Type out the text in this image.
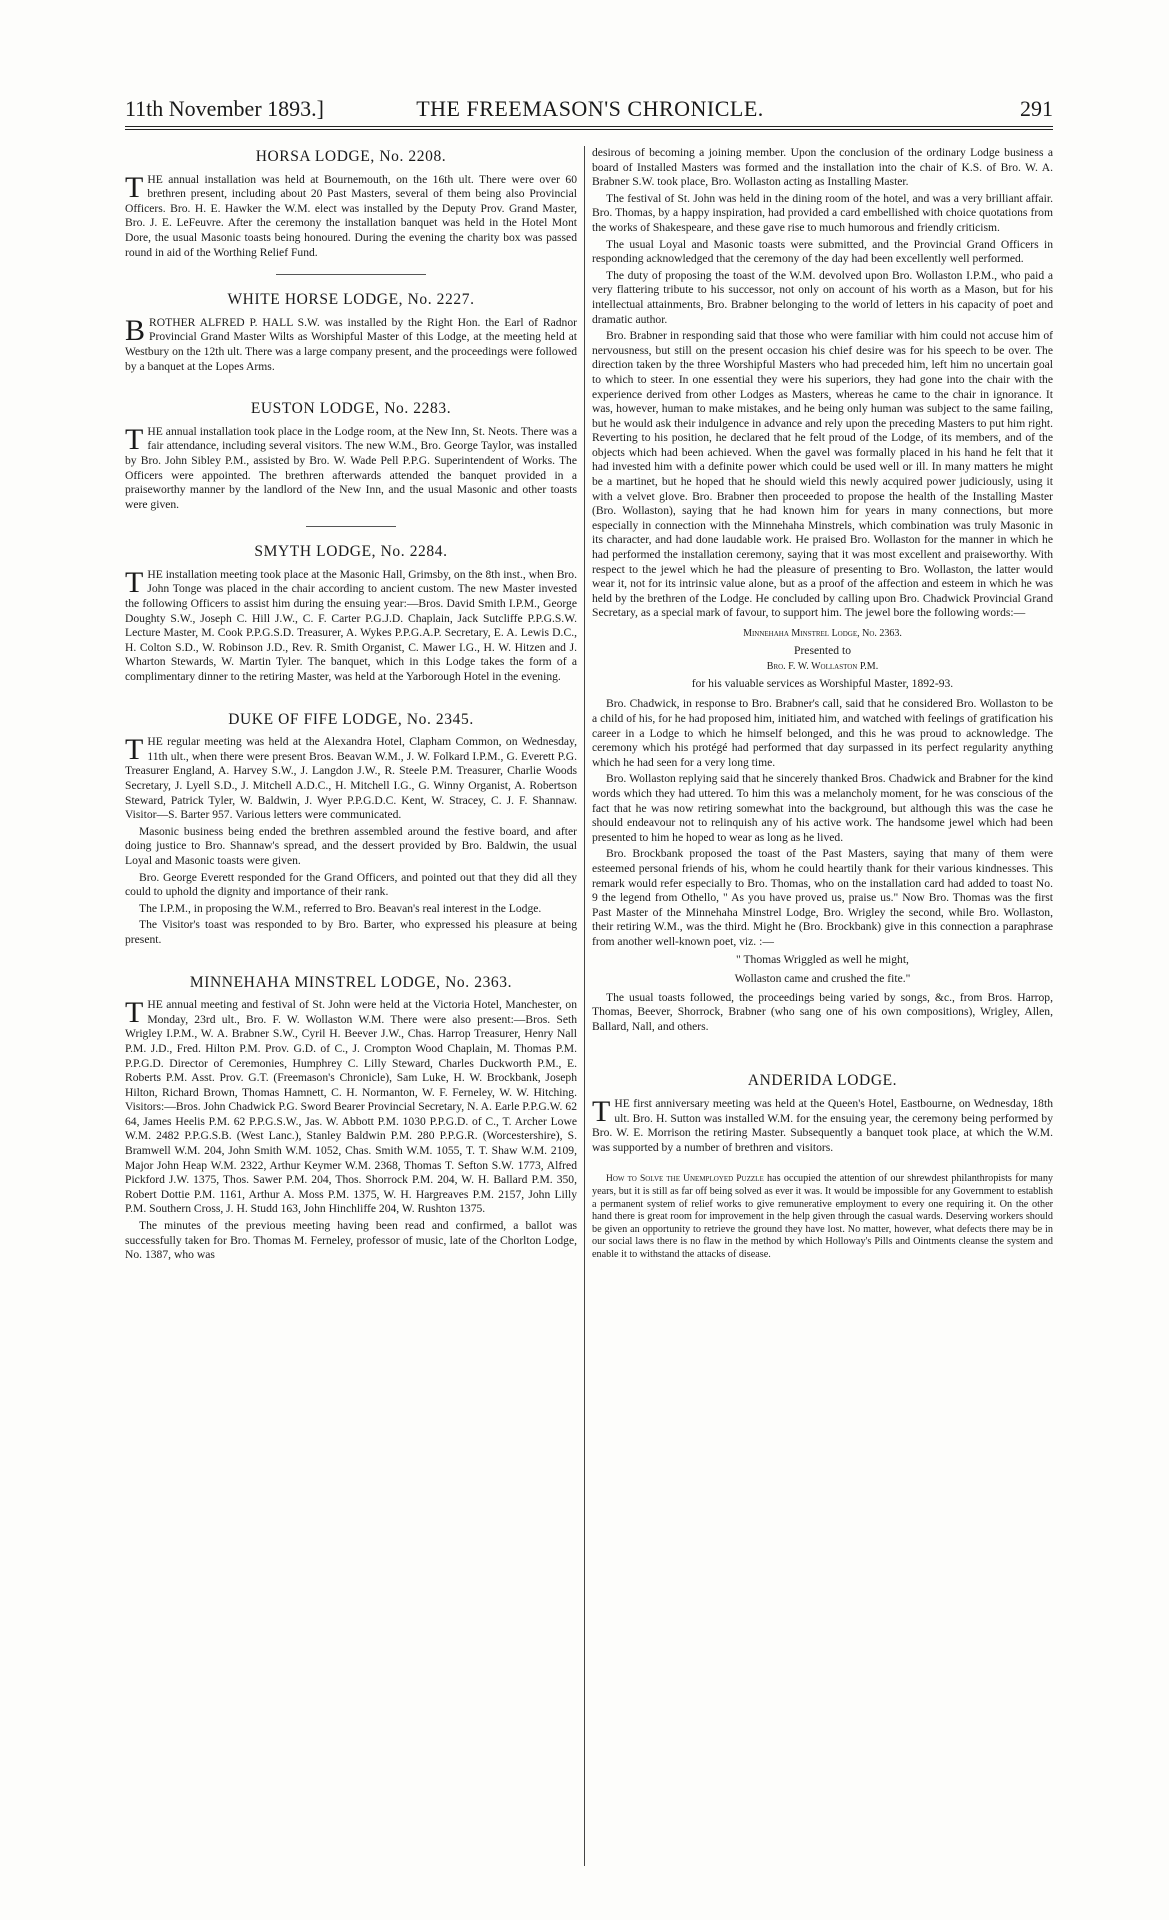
11th November 1893.]	THE FREEMASON'S CHRONICLE.	291
HORSA LODGE, No. 2208.

THE annual installation was held at Bournemouth, on the 16th ult. There were over 60 brethren present, including about 20 Past Masters, several of them being also Provincial Officers. Bro. H. E. Hawker the W.M. elect was installed by the Deputy Prov. Grand Master, Bro. J. E. LeFeuvre. After the ceremony the installation banquet was held in the Hotel Mont Dore, the usual Masonic toasts being honoured. During the evening the charity box was passed round in aid of the Worthing Relief Fund.

WHITE HORSE LODGE, No. 2227.

BROTHER ALFRED P. HALL S.W. was installed by the Right Hon. the Earl of Radnor Provincial Grand Master Wilts as Worshipful Master of this Lodge, at the meeting held at Westbury on the 12th ult. There was a large company present, and the proceedings were followed by a banquet at the Lopes Arms.

EUSTON LODGE, No. 2283.

THE annual installation took place in the Lodge room, at the New Inn, St. Neots. There was a fair attendance, including several visitors. The new W.M., Bro. George Taylor, was installed by Bro. John Sibley P.M., assisted by Bro. W. Wade Pell P.P.G. Superintendent of Works. The Officers were appointed. The brethren afterwards attended the banquet provided in a praiseworthy manner by the landlord of the New Inn, and the usual Masonic and other toasts were given.

SMYTH LODGE, No. 2284.

THE installation meeting took place at the Masonic Hall, Grimsby, on the 8th inst., when Bro. John Tonge was placed in the chair according to ancient custom. The new Master invested the following Officers to assist him during the ensuing year:—Bros. David Smith I.P.M., George Doughty S.W., Joseph C. Hill J.W., C. F. Carter P.G.J.D. Chaplain, Jack Sutcliffe P.P.G.S.W. Lecture Master, M. Cook P.P.G.S.D. Treasurer, A. Wykes P.P.G.A.P. Secretary, E. A. Lewis D.C., H. Colton S.D., W. Robinson J.D., Rev. R. Smith Organist, C. Mawer I.G., H. W. Hitzen and J. Wharton Stewards, W. Martin Tyler. The banquet, which in this Lodge takes the form of a complimentary dinner to the retiring Master, was held at the Yarborough Hotel in the evening.

DUKE OF FIFE LODGE, No. 2345.

THE regular meeting was held at the Alexandra Hotel, Clapham Common, on Wednesday, 11th ult., when there were present Bros. Beavan W.M., J. W. Folkard I.P.M., G. Everett P.G. Treasurer England, A. Harvey S.W., J. Langdon J.W., R. Steele P.M. Treasurer, Charlie Woods Secretary, J. Lyell S.D., J. Mitchell A.D.C., H. Mitchell I.G., G. Winny Organist, A. Robertson Steward, Patrick Tyler, W. Baldwin, J. Wyer P.P.G.D.C. Kent, W. Stracey, C. J. F. Shannaw. Visitor—S. Barter 957. Various letters were communicated.

Masonic business being ended the brethren assembled around the festive board, and after doing justice to Bro. Shannaw's spread, and the dessert provided by Bro. Baldwin, the usual Loyal and Masonic toasts were given.

Bro. George Everett responded for the Grand Officers, and pointed out that they did all they could to uphold the dignity and importance of their rank.

The I.P.M., in proposing the W.M., referred to Bro. Beavan's real interest in the Lodge.

The Visitor's toast was responded to by Bro. Barter, who expressed his pleasure at being present.

MINNEHAHA MINSTREL LODGE, No. 2363.

THE annual meeting and festival of St. John were held at the Victoria Hotel, Manchester, on Monday, 23rd ult., Bro. F. W. Wollaston W.M. There were also present:—Bros. Seth Wrigley I.P.M., W. A. Brabner S.W., Cyril H. Beever J.W., Chas. Harrop Treasurer, Henry Nall P.M. J.D., Fred. Hilton P.M. Prov. G.D. of C., J. Crompton Wood Chaplain, M. Thomas P.M. P.P.G.D. Director of Ceremonies, Humphrey C. Lilly Steward, Charles Duckworth P.M., E. Roberts P.M. Asst. Prov. G.T. (Freemason's Chronicle), Sam Luke, H. W. Brockbank, Joseph Hilton, Richard Brown, Thomas Hamnett, C. H. Normanton, W. F. Ferneley, W. W. Hitching. Visitors:—Bros. John Chadwick P.G. Sword Bearer Provincial Secretary, N. A. Earle P.P.G.W. 62 64, James Heelis P.M. 62 P.P.G.S.W., Jas. W. Abbott P.M. 1030 P.P.G.D. of C., T. Archer Lowe W.M. 2482 P.P.G.S.B. (West Lanc.), Stanley Baldwin P.M. 280 P.P.G.R. (Worcestershire), S. Bramwell W.M. 204, John Smith W.M. 1052, Chas. Smith W.M. 1055, T. T. Shaw W.M. 2109, Major John Heap W.M. 2322, Arthur Keymer W.M. 2368, Thomas T. Sefton S.W. 1773, Alfred Pickford J.W. 1375, Thos. Sawer P.M. 204, Thos. Shorrock P.M. 204, W. H. Ballard P.M. 350, Robert Dottie P.M. 1161, Arthur A. Moss P.M. 1375, W. H. Hargreaves P.M. 2157, John Lilly P.M. Southern Cross, J. H. Studd 163, John Hinchliffe 204, W. Rushton 1375.

The minutes of the previous meeting having been read and confirmed, a ballot was successfully taken for Bro. Thomas M. Ferneley, professor of music, late of the Chorlton Lodge, No. 1387, who was

desirous of becoming a joining member. Upon the conclusion of the ordinary Lodge business a board of Installed Masters was formed and the installation into the chair of K.S. of Bro. W. A. Brabner S.W. took place, Bro. Wollaston acting as Installing Master.

The festival of St. John was held in the dining room of the hotel, and was a very brilliant affair. Bro. Thomas, by a happy inspiration, had provided a card embellished with choice quotations from the works of Shakespeare, and these gave rise to much humorous and friendly criticism.

The usual Loyal and Masonic toasts were submitted, and the Provincial Grand Officers in responding acknowledged that the ceremony of the day had been excellently well performed.

The duty of proposing the toast of the W.M. devolved upon Bro. Wollaston I.P.M., who paid a very flattering tribute to his successor, not only on account of his worth as a Mason, but for his intellectual attainments, Bro. Brabner belonging to the world of letters in his capacity of poet and dramatic author.

Bro. Brabner in responding said that those who were familiar with him could not accuse him of nervousness, but still on the present occasion his chief desire was for his speech to be over. The direction taken by the three Worshipful Masters who had preceded him, left him no uncertain goal to which to steer. In one essential they were his superiors, they had gone into the chair with the experience derived from other Lodges as Masters, whereas he came to the chair in ignorance. It was, however, human to make mistakes, and he being only human was subject to the same failing, but he would ask their indulgence in advance and rely upon the preceding Masters to put him right. Reverting to his position, he declared that he felt proud of the Lodge, of its members, and of the objects which had been achieved. When the gavel was formally placed in his hand he felt that it had invested him with a definite power which could be used well or ill. In many matters he might be a martinet, but he hoped that he should wield this newly acquired power judiciously, using it with a velvet glove. Bro. Brabner then proceeded to propose the health of the Installing Master (Bro. Wollaston), saying that he had known him for years in many connections, but more especially in connection with the Minnehaha Minstrels, which combination was truly Masonic in its character, and had done laudable work. He praised Bro. Wollaston for the manner in which he had performed the installation ceremony, saying that it was most excellent and praiseworthy. With respect to the jewel which he had the pleasure of presenting to Bro. Wollaston, the latter would wear it, not for its intrinsic value alone, but as a proof of the affection and esteem in which he was held by the brethren of the Lodge. He concluded by calling upon Bro. Chadwick Provincial Grand Secretary, as a special mark of favour, to support him. The jewel bore the following words:—

Minnehaha Minstrel Lodge, No. 2363.

Presented to

Bro. F. W. Wollaston P.M.

for his valuable services as Worshipful Master, 1892-93.

Bro. Chadwick, in response to Bro. Brabner's call, said that he considered Bro. Wollaston to be a child of his, for he had proposed him, initiated him, and watched with feelings of gratification his career in a Lodge to which he himself belonged, and this he was proud to acknowledge. The ceremony which his protégé had performed that day surpassed in its perfect regularity anything which he had seen for a very long time.

Bro. Wollaston replying said that he sincerely thanked Bros. Chadwick and Brabner for the kind words which they had uttered. To him this was a melancholy moment, for he was conscious of the fact that he was now retiring somewhat into the background, but although this was the case he should endeavour not to relinquish any of his active work. The handsome jewel which had been presented to him he hoped to wear as long as he lived.

Bro. Brockbank proposed the toast of the Past Masters, saying that many of them were esteemed personal friends of his, whom he could heartily thank for their various kindnesses. This remark would refer especially to Bro. Thomas, who on the installation card had added to toast No. 9 the legend from Othello, " As you have proved us, praise us." Now Bro. Thomas was the first Past Master of the Minnehaha Minstrel Lodge, Bro. Wrigley the second, while Bro. Wollaston, their retiring W.M., was the third. Might he (Bro. Brockbank) give in this connection a paraphrase from another well-known poet, viz. :—

" Thomas Wriggled as well he might,

Wollaston came and crushed the fite."

The usual toasts followed, the proceedings being varied by songs, &c., from Bros. Harrop, Thomas, Beever, Shorrock, Brabner (who sang one of his own compositions), Wrigley, Allen, Ballard, Nall, and others.

ANDERIDA LODGE.

THE first anniversary meeting was held at the Queen's Hotel, Eastbourne, on Wednesday, 18th ult. Bro. H. Sutton was installed W.M. for the ensuing year, the ceremony being performed by Bro. W. E. Morrison the retiring Master. Subsequently a banquet took place, at which the W.M. was supported by a number of brethren and visitors.

How to Solve the Unemployed Puzzle has occupied the attention of our shrewdest philanthropists for many years, but it is still as far off being solved as ever it was. It would be impossible for any Government to establish a permanent system of relief works to give remunerative employment to every one requiring it. On the other hand there is great room for improvement in the help given through the casual wards. Deserving workers should be given an opportunity to retrieve the ground they have lost. No matter, however, what defects there may be in our social laws there is no flaw in the method by which Holloway's Pills and Ointments cleanse the system and enable it to withstand the attacks of disease.
